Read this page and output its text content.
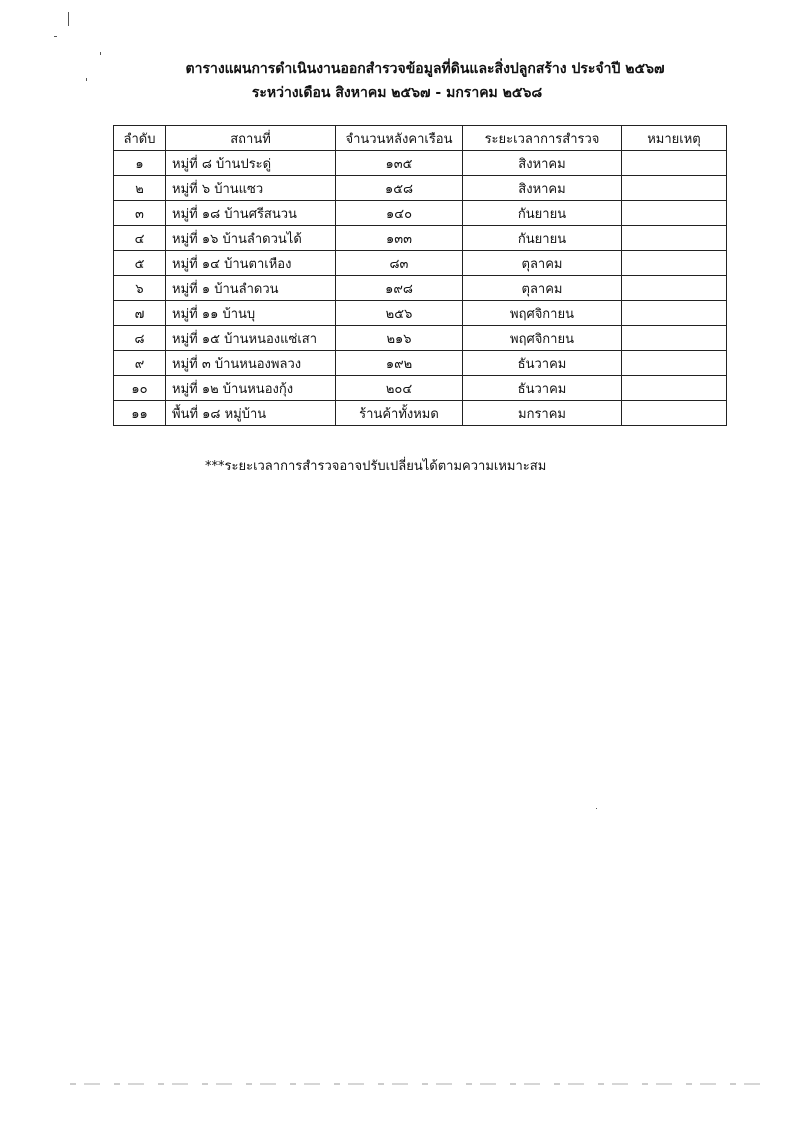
ตารางแผนการดำเนินงานออกสำรวจข้อมูลที่ดินและสิ่งปลูกสร้าง ประจำปี ๒๕๖๗
ระหว่างเดือน สิงหาคม ๒๕๖๗ - มกราคม ๒๕๖๘
ลำดับ	สถานที่	จำนวนหลังคาเรือน	ระยะเวลาการสำรวจ	หมายเหตุ
๑	หมู่ที่ ๘ บ้านประดู่	๑๓๕	สิงหาคม	
๒	หมู่ที่ ๖ บ้านแซว	๑๕๘	สิงหาคม	
๓	หมู่ที่ ๑๘ บ้านศรีสนวน	๑๔๐	กันยายน	
๔	หมู่ที่ ๑๖ บ้านลำดวนได้	๑๓๓	กันยายน	
๕	หมู่ที่ ๑๔ บ้านตาเหือง	๘๓	ตุลาคม	
๖	หมู่ที่ ๑ บ้านลำดวน	๑๙๘	ตุลาคม	
๗	หมู่ที่ ๑๑ บ้านบุ	๒๕๖	พฤศจิกายน	
๘	หมู่ที่ ๑๕ บ้านหนองแซ่เสา	๒๑๖	พฤศจิกายน	
๙	หมู่ที่ ๓ บ้านหนองพลวง	๑๙๒	ธันวาคม	
๑๐	หมู่ที่ ๑๒ บ้านหนองกุ้ง	๒๐๔	ธันวาคม	
๑๑	พื้นที่ ๑๘ หมู่บ้าน	ร้านค้าทั้งหมด	มกราคม	
***ระยะเวลาการสำรวจอาจปรับเปลี่ยนได้ตามความเหมาะสม
